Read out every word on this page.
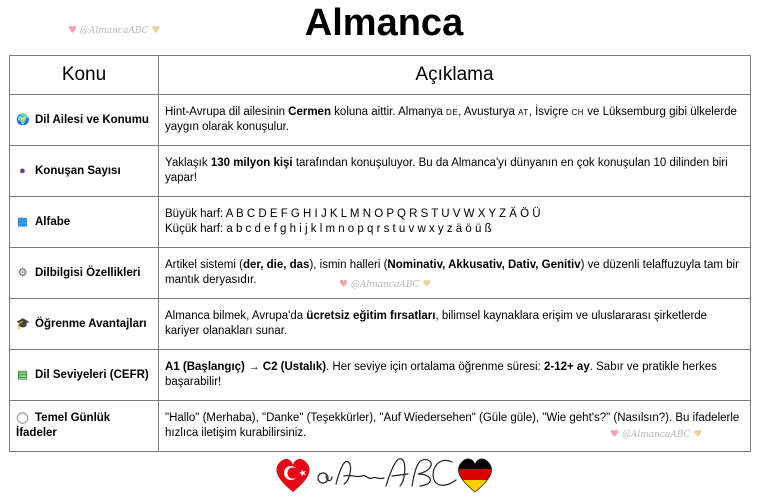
Almanca
♥ @AlmancaABC ♥
♥ @AlmancaABC ♥
♥ @AlmancaABC ♥
Konu	Açıklama
🌍 Dil Ailesi ve Konumu	Hint-Avrupa dil ailesinin Cermen koluna aittir. Almanya DE, Avusturya AT, İsviçre CH ve Lüksemburg gibi ülkelerde yaygın olarak konuşulur.
● Konuşan Sayısı	Yaklaşık 130 milyon kişi tarafından konuşuluyor. Bu da Almanca'yı dünyanın en çok konuşulan 10 dilinden biri yapar!
▦ Alfabe	Büyük harf: A B C D E F G H I J K L M N O P Q R S T U V W X Y Z Ä Ö Ü
Küçük harf: a b c d e f g h i j k l m n o p q r s t u v w x y z ä ö ü ß
⚙ Dilbilgisi Özellikleri	Artikel sistemi (der, die, das), ismin halleri (Nominativ, Akkusativ, Dativ, Genitiv) ve düzenli telaffuzuyla tam bir mantık deryasıdır.
🎓 Öğrenme Avantajları	Almanca bilmek, Avrupa'da ücretsiz eğitim fırsatları, bilimsel kaynaklara erişim ve uluslararası şirketlerde kariyer olanakları sunar.
▤ Dil Seviyeleri (CEFR)	A1 (Başlangıç) → C2 (Ustalık). Her seviye için ortalama öğrenme süresi: 2-12+ ay. Sabır ve pratikle herkes başarabilir!
◯ Temel Günlük İfadeler	"Hallo" (Merhaba), "Danke" (Teşekkürler), "Auf Wiedersehen" (Güle güle), "Wie geht's?" (Nasılsın?). Bu ifadelerle hızlıca iletişim kurabilirsiniz.
